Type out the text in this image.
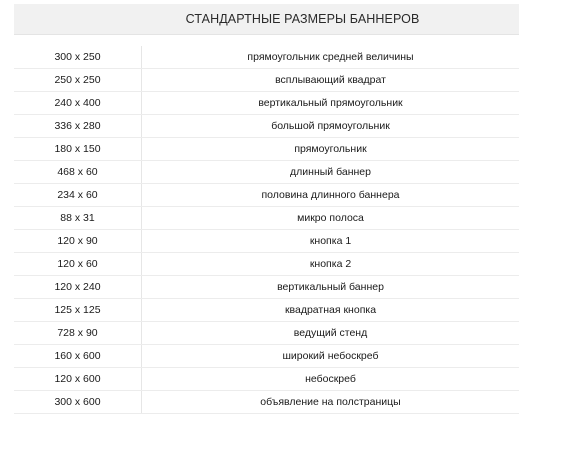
СТАНДАРТНЫЕ РАЗМЕРЫ БАННЕРОВ
300 x 250	прямоугольник средней величины
250 x 250	всплывающий квадрат
240 x 400	вертикальный прямоугольник
336 x 280	большой прямоугольник
180 x 150	прямоугольник
468 x 60	длинный баннер
234 x 60	половина длинного баннера
88 x 31	микро полоса
120 x 90	кнопка 1
120 x 60	кнопка 2
120 x 240	вертикальный баннер
125 x 125	квадратная кнопка
728 x 90	ведущий стенд
160 x 600	широкий небоскреб
120 x 600	небоскреб
300 x 600	объявление на полстраницы
